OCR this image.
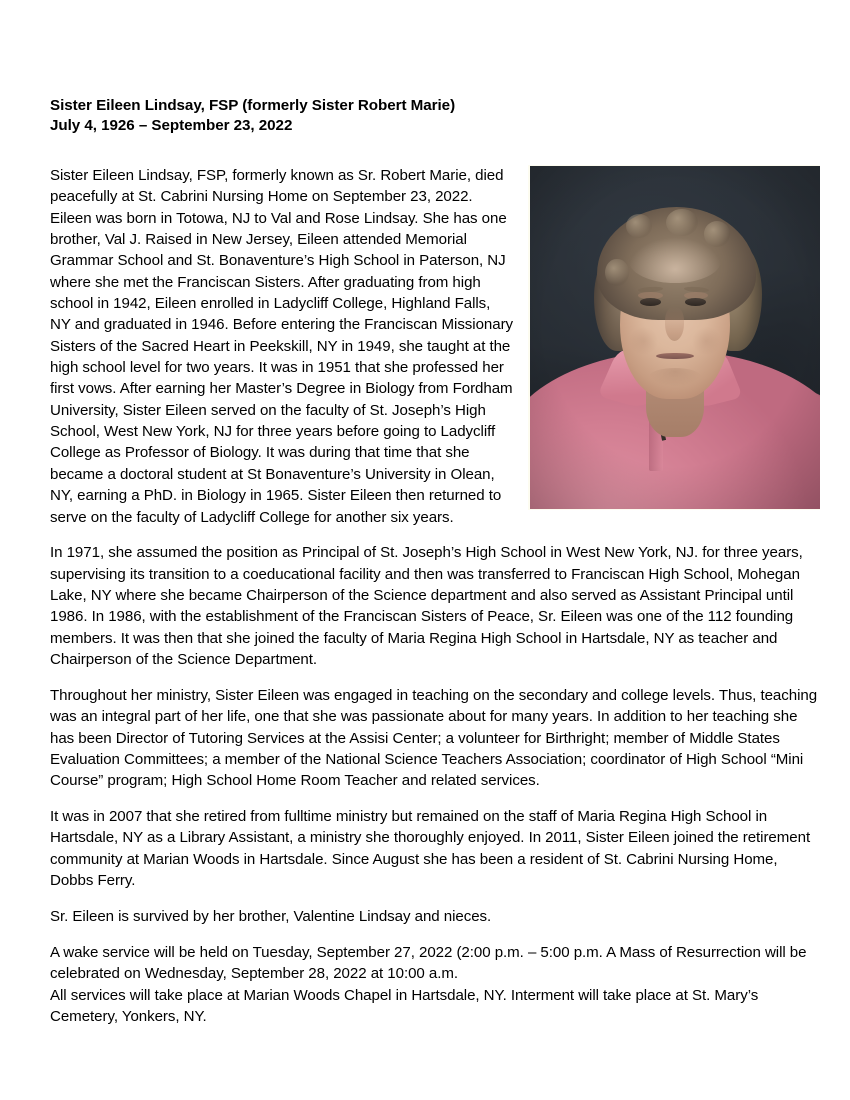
Sister Eileen Lindsay, FSP (formerly Sister Robert Marie)
July 4, 1926 – September 23, 2022

Sister Eileen Lindsay, FSP, formerly known as Sr. Robert Marie, died peacefully at St. Cabrini Nursing Home on September 23, 2022. Eileen was born in Totowa, NJ to Val and Rose Lindsay. She has one brother, Val J. Raised in New Jersey, Eileen attended Memorial Grammar School and St. Bonaventure’s High School in Paterson, NJ where she met the Franciscan Sisters. After graduating from high school in 1942, Eileen enrolled in Ladycliff College, Highland Falls, NY and graduated in 1946. Before entering the Franciscan Missionary Sisters of the Sacred Heart in Peekskill, NY in 1949, she taught at the high school level for two years. It was in 1951 that she professed her first vows. After earning her Master’s Degree in Biology from Fordham University, Sister Eileen served on the faculty of St. Joseph’s High School, West New York, NJ for three years before going to Ladycliff College as Professor of Biology. It was during that time that she became a doctoral student at St Bonaventure’s University in Olean, NY, earning a PhD. in Biology in 1965. Sister Eileen then returned to serve on the faculty of Ladycliff College for another six years.

In 1971, she assumed the position as Principal of St. Joseph’s High School in West New York, NJ. for three years, supervising its transition to a coeducational facility and then was transferred to Franciscan High School, Mohegan Lake, NY where she became Chairperson of the Science department and also served as Assistant Principal until 1986. In 1986, with the establishment of the Franciscan Sisters of Peace, Sr. Eileen was one of the 112 founding members. It was then that she joined the faculty of Maria Regina High School in Hartsdale, NY as teacher and Chairperson of the Science Department.

Throughout her ministry, Sister Eileen was engaged in teaching on the secondary and college levels. Thus, teaching was an integral part of her life, one that she was passionate about for many years. In addition to her teaching she has been Director of Tutoring Services at the Assisi Center; a volunteer for Birthright; member of Middle States Evaluation Committees; a member of the National Science Teachers Association; coordinator of High School “Mini Course” program; High School Home Room Teacher and related services.

It was in 2007 that she retired from fulltime ministry but remained on the staff of Maria Regina High School in Hartsdale, NY as a Library Assistant, a ministry she thoroughly enjoyed. In 2011, Sister Eileen joined the retirement community at Marian Woods in Hartsdale. Since August she has been a resident of St. Cabrini Nursing Home, Dobbs Ferry.

Sr. Eileen is survived by her brother, Valentine Lindsay and nieces.

A wake service will be held on Tuesday, September 27, 2022 (2:00 p.m. – 5:00 p.m. A Mass of Resurrection will be celebrated on Wednesday, September 28, 2022 at 10:00 a.m.

All services will take place at Marian Woods Chapel in Hartsdale, NY. Interment will take place at St. Mary’s Cemetery, Yonkers, NY.
